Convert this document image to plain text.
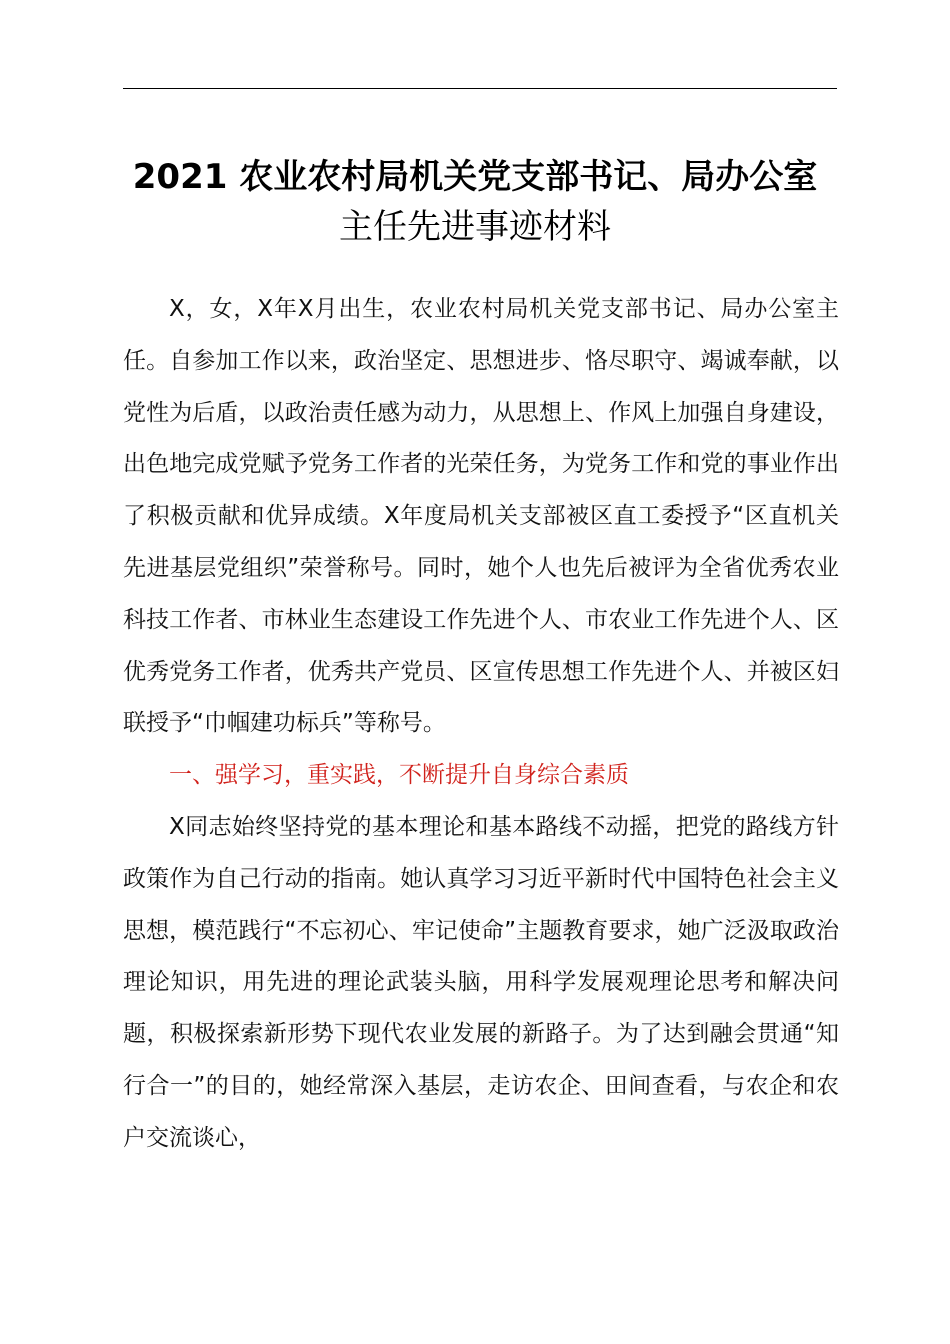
2021 农业农村局机关党支部书记、局办公室
主任先进事迹材料

X，女，X年X月出生，农业农村局机关党支部书记、局办公室主任。自参加工作以来，政治坚定、思想进步、恪尽职守、竭诚奉献，以党性为后盾，以政治责任感为动力，从思想上、作风上加强自身建设，出色地完成党赋予党务工作者的光荣任务，为党务工作和党的事业作出了积极贡献和优异成绩。X年度局机关支部被区直工委授予“区直机关先进基层党组织”荣誉称号。同时，她个人也先后被评为全省优秀农业科技工作者、市林业生态建设工作先进个人、市农业工作先进个人、区优秀党务工作者，优秀共产党员、区宣传思想工作先进个人、并被区妇联授予“巾帼建功标兵”等称号。

一、强学习，重实践，不断提升自身综合素质

X同志始终坚持党的基本理论和基本路线不动摇，把党的路线方针政策作为自己行动的指南。她认真学习习近平新时代中国特色社会主义思想，模范践行“不忘初心、牢记使命”主题教育要求，她广泛汲取政治理论知识，用先进的理论武装头脑，用科学发展观理论思考和解决问题，积极探索新形势下现代农业发展的新路子。为了达到融会贯通“知行合一”的目的，她经常深入基层，走访农企、田间查看，与农企和农户交流谈心，
